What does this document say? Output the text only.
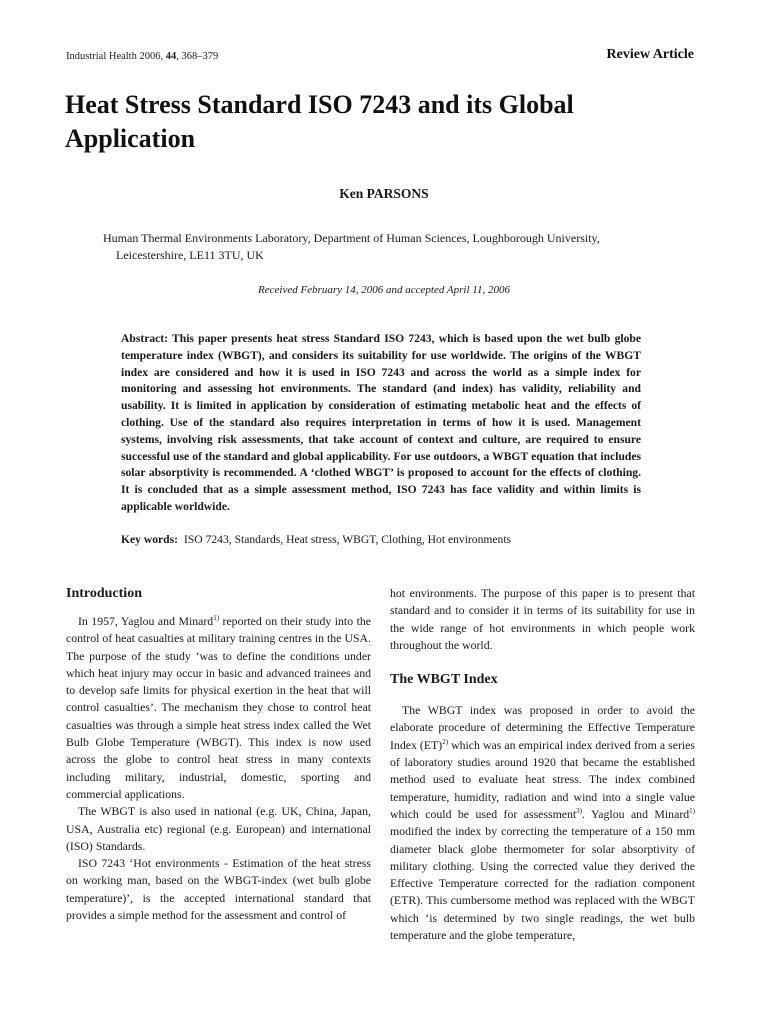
Industrial Health 2006, 44, 368–379	Review Article
Heat Stress Standard ISO 7243 and its Global Application
Ken PARSONS
Human Thermal Environments Laboratory, Department of Human Sciences, Loughborough University,
Leicestershire, LE11 3TU, UK
Received February 14, 2006 and accepted April 11, 2006
Abstract: This paper presents heat stress Standard ISO 7243, which is based upon the wet bulb globe temperature index (WBGT), and considers its suitability for use worldwide. The origins of the WBGT index are considered and how it is used in ISO 7243 and across the world as a simple index for monitoring and assessing hot environments. The standard (and index) has validity, reliability and usability. It is limited in application by consideration of estimating metabolic heat and the effects of clothing. Use of the standard also requires interpretation in terms of how it is used. Management systems, involving risk assessments, that take account of context and culture, are required to ensure successful use of the standard and global applicability. For use outdoors, a WBGT equation that includes solar absorptivity is recommended. A ‘clothed WBGT’ is proposed to account for the effects of clothing. It is concluded that as a simple assessment method, ISO 7243 has face validity and within limits is applicable worldwide.
Key words: ISO 7243, Standards, Heat stress, WBGT, Clothing, Hot environments
Introduction

In 1957, Yaglou and Minard$^{1)}$ reported on their study into the control of heat casualties at military training centres in the USA. The purpose of the study ‘was to define the conditions under which heat injury may occur in basic and advanced trainees and to develop safe limits for physical exertion in the heat that will control casualties’. The mechanism they chose to control heat casualties was through a simple heat stress index called the Wet Bulb Globe Temperature (WBGT). This index is now used across the globe to control heat stress in many contexts including military, industrial, domestic, sporting and commercial applications.

The WBGT is also used in national (e.g. UK, China, Japan, USA, Australia etc) regional (e.g. European) and international (ISO) Standards.

ISO 7243 ‘Hot environments - Estimation of the heat stress on working man, based on the WBGT-index (wet bulb globe temperature)’, is the accepted international standard that provides a simple method for the assessment and control of

hot environments. The purpose of this paper is to present that standard and to consider it in terms of its suitability for use in the wide range of hot environments in which people work throughout the world.

The WBGT Index

The WBGT index was proposed in order to avoid the elaborate procedure of determining the Effective Temperature Index (ET)$^{2)}$ which was an empirical index derived from a series of laboratory studies around 1920 that became the established method used to evaluate heat stress. The index combined temperature, humidity, radiation and wind into a single value which could be used for assessment$^{3)}$. Yaglou and Minard$^{1)}$ modified the index by correcting the temperature of a 150 mm diameter black globe thermometer for solar absorptivity of military clothing. Using the corrected value they derived the Effective Temperature corrected for the radiation component (ETR). This cumbersome method was replaced with the WBGT which ‘is determined by two single readings, the wet bulb temperature and the globe temperature,
